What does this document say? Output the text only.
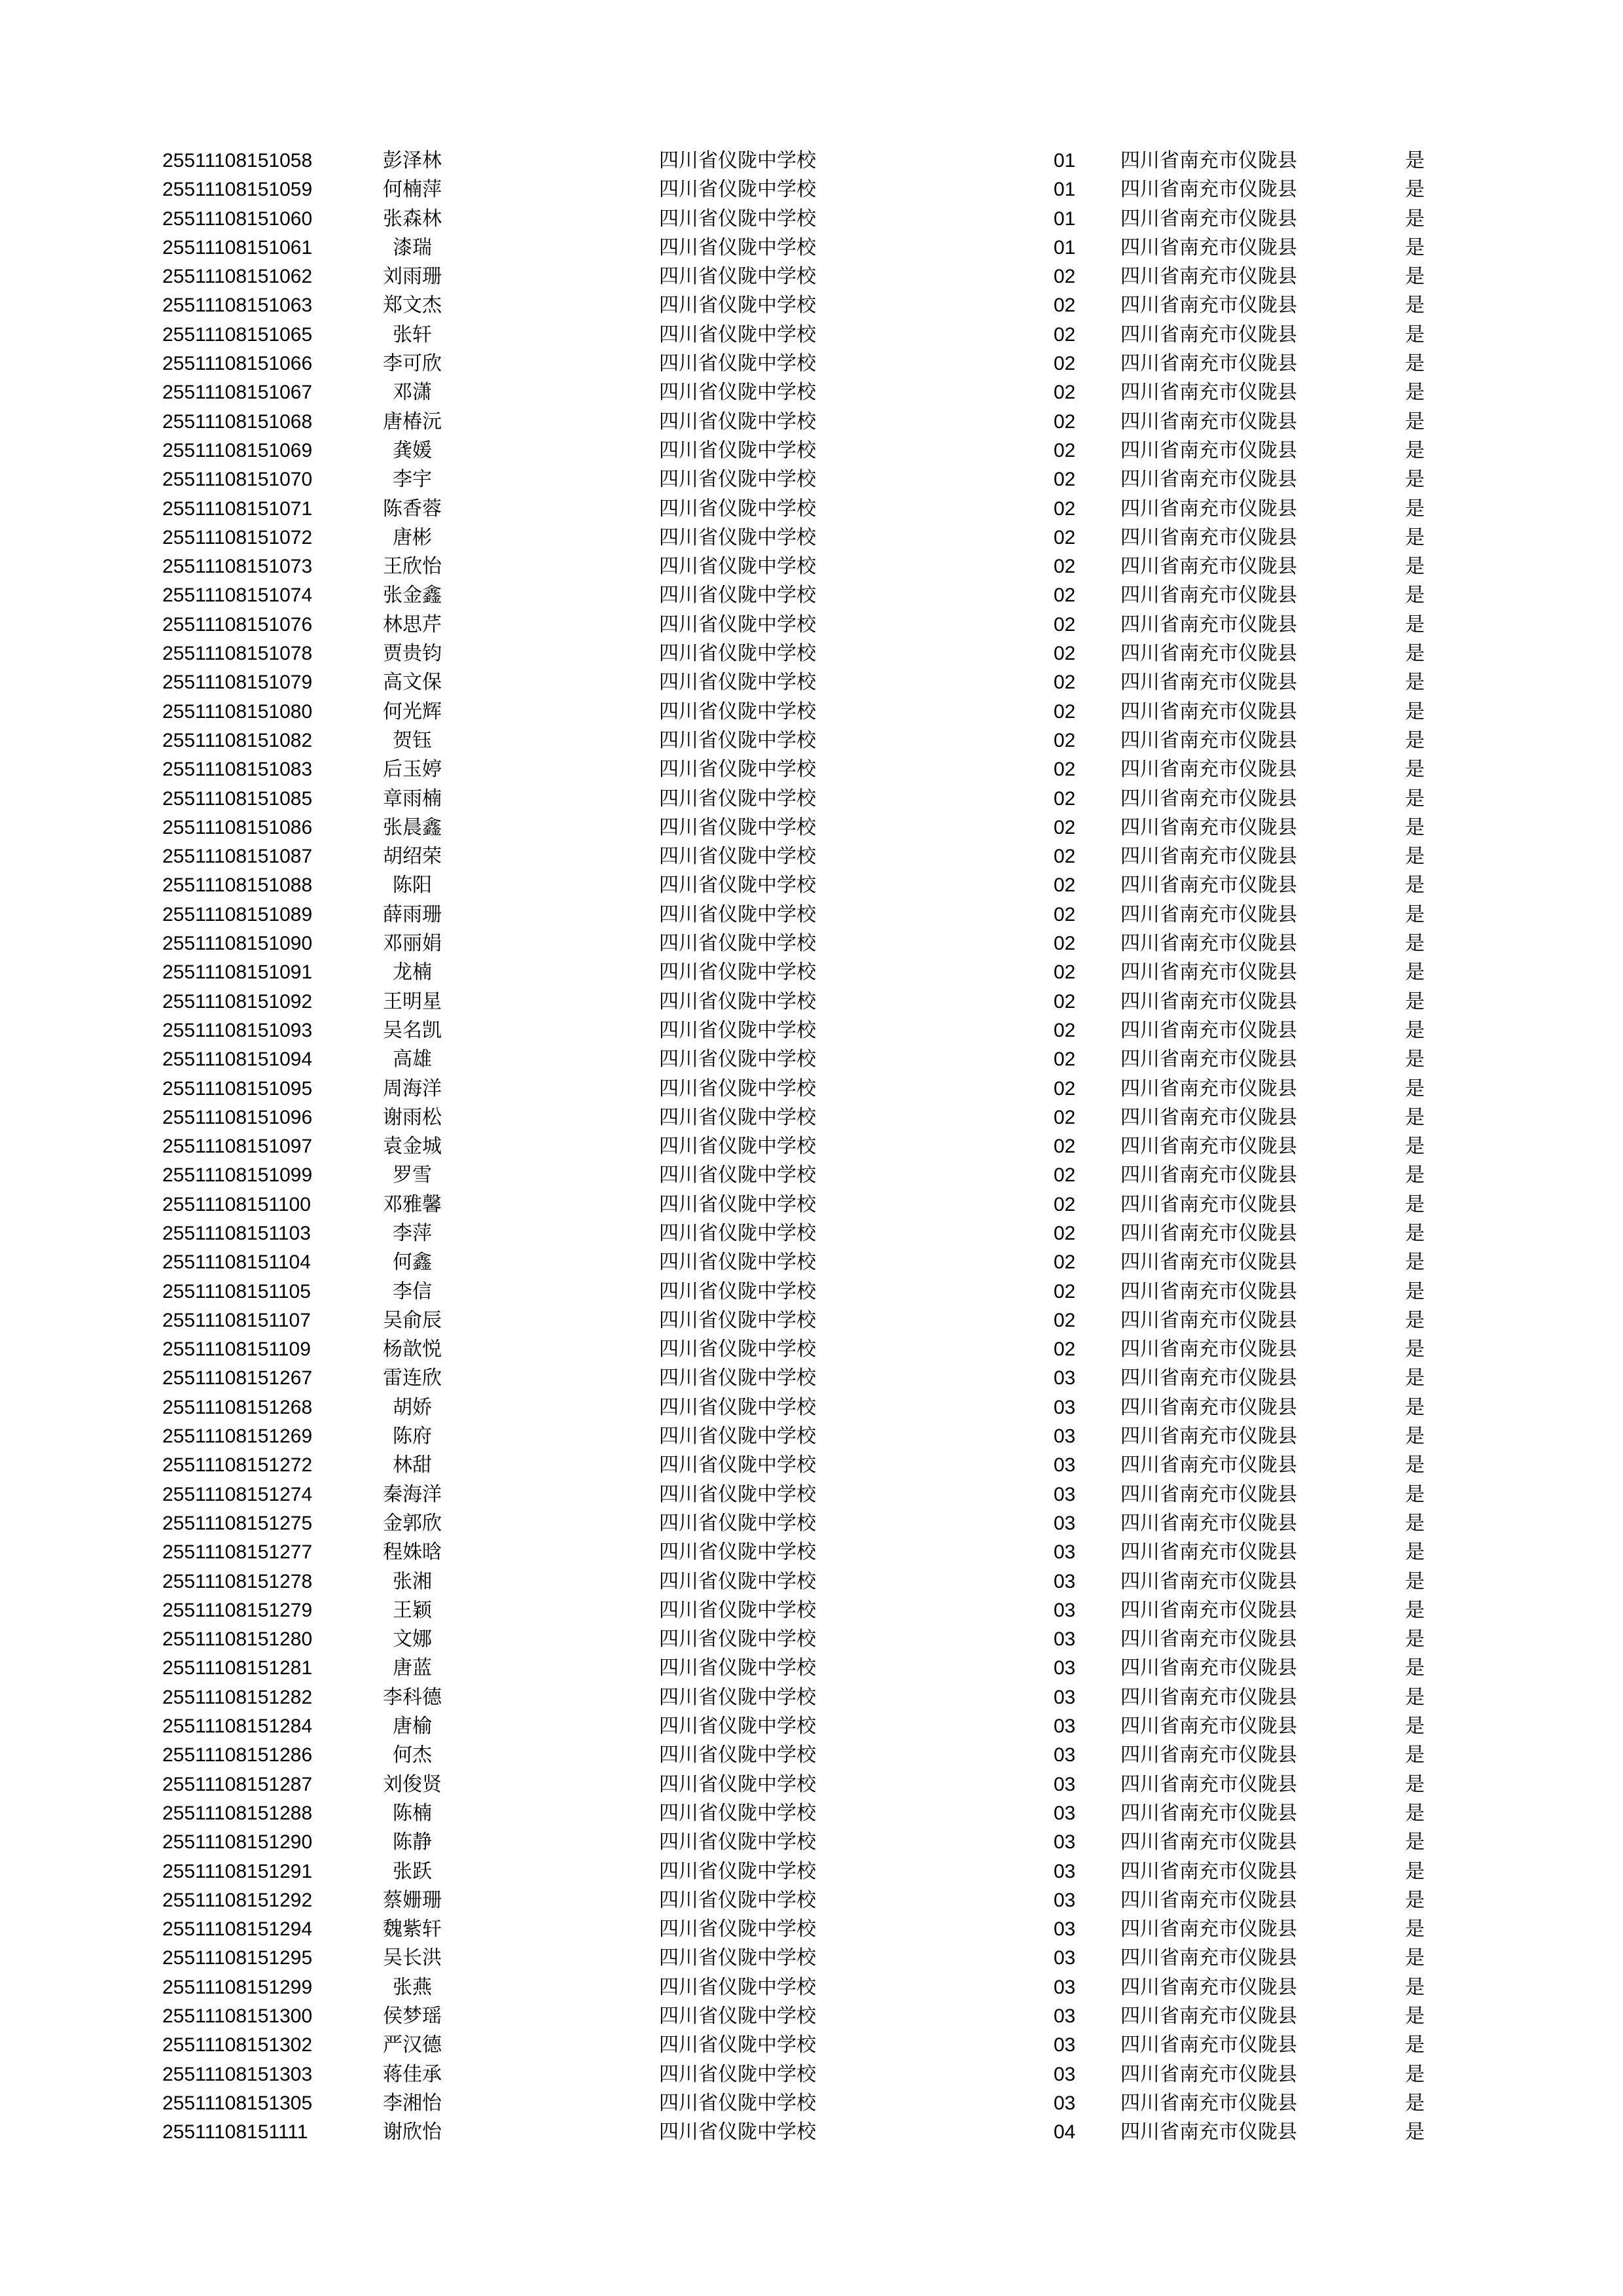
25511108151058	彭泽林	四川省仪陇中学校	01	四川省南充市仪陇县	是
25511108151059	何楠萍	四川省仪陇中学校	01	四川省南充市仪陇县	是
25511108151060	张森林	四川省仪陇中学校	01	四川省南充市仪陇县	是
25511108151061	漆瑞	四川省仪陇中学校	01	四川省南充市仪陇县	是
25511108151062	刘雨珊	四川省仪陇中学校	02	四川省南充市仪陇县	是
25511108151063	郑文杰	四川省仪陇中学校	02	四川省南充市仪陇县	是
25511108151065	张轩	四川省仪陇中学校	02	四川省南充市仪陇县	是
25511108151066	李可欣	四川省仪陇中学校	02	四川省南充市仪陇县	是
25511108151067	邓潇	四川省仪陇中学校	02	四川省南充市仪陇县	是
25511108151068	唐椿沅	四川省仪陇中学校	02	四川省南充市仪陇县	是
25511108151069	龚媛	四川省仪陇中学校	02	四川省南充市仪陇县	是
25511108151070	李宇	四川省仪陇中学校	02	四川省南充市仪陇县	是
25511108151071	陈香蓉	四川省仪陇中学校	02	四川省南充市仪陇县	是
25511108151072	唐彬	四川省仪陇中学校	02	四川省南充市仪陇县	是
25511108151073	王欣怡	四川省仪陇中学校	02	四川省南充市仪陇县	是
25511108151074	张金鑫	四川省仪陇中学校	02	四川省南充市仪陇县	是
25511108151076	林思芹	四川省仪陇中学校	02	四川省南充市仪陇县	是
25511108151078	贾贵钧	四川省仪陇中学校	02	四川省南充市仪陇县	是
25511108151079	高文保	四川省仪陇中学校	02	四川省南充市仪陇县	是
25511108151080	何光辉	四川省仪陇中学校	02	四川省南充市仪陇县	是
25511108151082	贺钰	四川省仪陇中学校	02	四川省南充市仪陇县	是
25511108151083	后玉婷	四川省仪陇中学校	02	四川省南充市仪陇县	是
25511108151085	章雨楠	四川省仪陇中学校	02	四川省南充市仪陇县	是
25511108151086	张晨鑫	四川省仪陇中学校	02	四川省南充市仪陇县	是
25511108151087	胡绍荣	四川省仪陇中学校	02	四川省南充市仪陇县	是
25511108151088	陈阳	四川省仪陇中学校	02	四川省南充市仪陇县	是
25511108151089	薛雨珊	四川省仪陇中学校	02	四川省南充市仪陇县	是
25511108151090	邓丽娟	四川省仪陇中学校	02	四川省南充市仪陇县	是
25511108151091	龙楠	四川省仪陇中学校	02	四川省南充市仪陇县	是
25511108151092	王明星	四川省仪陇中学校	02	四川省南充市仪陇县	是
25511108151093	吴名凯	四川省仪陇中学校	02	四川省南充市仪陇县	是
25511108151094	高雄	四川省仪陇中学校	02	四川省南充市仪陇县	是
25511108151095	周海洋	四川省仪陇中学校	02	四川省南充市仪陇县	是
25511108151096	谢雨松	四川省仪陇中学校	02	四川省南充市仪陇县	是
25511108151097	袁金城	四川省仪陇中学校	02	四川省南充市仪陇县	是
25511108151099	罗雪	四川省仪陇中学校	02	四川省南充市仪陇县	是
25511108151100	邓雅馨	四川省仪陇中学校	02	四川省南充市仪陇县	是
25511108151103	李萍	四川省仪陇中学校	02	四川省南充市仪陇县	是
25511108151104	何鑫	四川省仪陇中学校	02	四川省南充市仪陇县	是
25511108151105	李信	四川省仪陇中学校	02	四川省南充市仪陇县	是
25511108151107	吴俞辰	四川省仪陇中学校	02	四川省南充市仪陇县	是
25511108151109	杨歆悦	四川省仪陇中学校	02	四川省南充市仪陇县	是
25511108151267	雷连欣	四川省仪陇中学校	03	四川省南充市仪陇县	是
25511108151268	胡娇	四川省仪陇中学校	03	四川省南充市仪陇县	是
25511108151269	陈府	四川省仪陇中学校	03	四川省南充市仪陇县	是
25511108151272	林甜	四川省仪陇中学校	03	四川省南充市仪陇县	是
25511108151274	秦海洋	四川省仪陇中学校	03	四川省南充市仪陇县	是
25511108151275	金郭欣	四川省仪陇中学校	03	四川省南充市仪陇县	是
25511108151277	程姝晗	四川省仪陇中学校	03	四川省南充市仪陇县	是
25511108151278	张湘	四川省仪陇中学校	03	四川省南充市仪陇县	是
25511108151279	王颖	四川省仪陇中学校	03	四川省南充市仪陇县	是
25511108151280	文娜	四川省仪陇中学校	03	四川省南充市仪陇县	是
25511108151281	唐蓝	四川省仪陇中学校	03	四川省南充市仪陇县	是
25511108151282	李科德	四川省仪陇中学校	03	四川省南充市仪陇县	是
25511108151284	唐榆	四川省仪陇中学校	03	四川省南充市仪陇县	是
25511108151286	何杰	四川省仪陇中学校	03	四川省南充市仪陇县	是
25511108151287	刘俊贤	四川省仪陇中学校	03	四川省南充市仪陇县	是
25511108151288	陈楠	四川省仪陇中学校	03	四川省南充市仪陇县	是
25511108151290	陈静	四川省仪陇中学校	03	四川省南充市仪陇县	是
25511108151291	张跃	四川省仪陇中学校	03	四川省南充市仪陇县	是
25511108151292	蔡姗珊	四川省仪陇中学校	03	四川省南充市仪陇县	是
25511108151294	魏紫轩	四川省仪陇中学校	03	四川省南充市仪陇县	是
25511108151295	吴长洪	四川省仪陇中学校	03	四川省南充市仪陇县	是
25511108151299	张燕	四川省仪陇中学校	03	四川省南充市仪陇县	是
25511108151300	侯梦瑶	四川省仪陇中学校	03	四川省南充市仪陇县	是
25511108151302	严汉德	四川省仪陇中学校	03	四川省南充市仪陇县	是
25511108151303	蒋佳承	四川省仪陇中学校	03	四川省南充市仪陇县	是
25511108151305	李湘怡	四川省仪陇中学校	03	四川省南充市仪陇县	是
25511108151111	谢欣怡	四川省仪陇中学校	04	四川省南充市仪陇县	是
